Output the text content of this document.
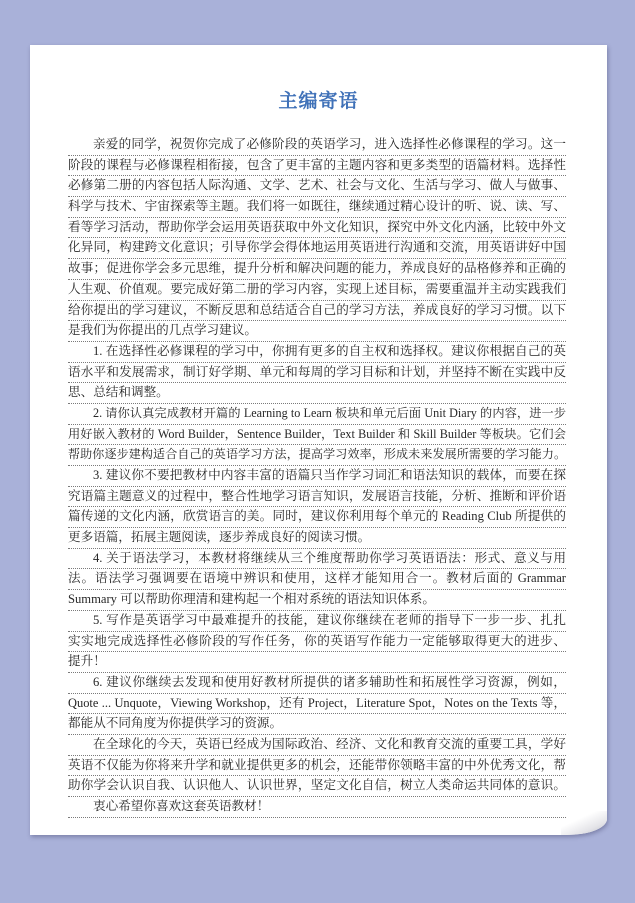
主编寄语
亲爱的同学，祝贺你完成了必修阶段的英语学习，进入选择性必修课程的学习。这一
阶段的课程与必修课程相衔接，包含了更丰富的主题内容和更多类型的语篇材料。选择性
必修第二册的内容包括人际沟通、文学、艺术、社会与文化、生活与学习、做人与做事、
科学与技术、宇宙探索等主题。我们将一如既往，继续通过精心设计的听、说、读、写、
看等学习活动，帮助你学会运用英语获取中外文化知识，探究中外文化内涵，比较中外文
化异同，构建跨文化意识；引导你学会得体地运用英语进行沟通和交流，用英语讲好中国
故事；促进你学会多元思维，提升分析和解决问题的能力，养成良好的品格修养和正确的
人生观、价值观。要完成好第二册的学习内容，实现上述目标，需要重温并主动实践我们
给你提出的学习建议，不断反思和总结适合自己的学习方法，养成良好的学习习惯。以下
是我们为你提出的几点学习建议。
1. 在选择性必修课程的学习中，你拥有更多的自主权和选择权。建议你根据自己的英
语水平和发展需求，制订好学期、单元和每周的学习目标和计划，并坚持不断在实践中反
思、总结和调整。
2. 请你认真完成教材开篇的 Learning to Learn 板块和单元后面 Unit Diary 的内容，进一步
用好嵌入教材的 Word Builder，Sentence Builder，Text Builder 和 Skill Builder 等板块。它们会
帮助你逐步建构适合自己的英语学习方法，提高学习效率，形成未来发展所需要的学习能力。
3. 建议你不要把教材中内容丰富的语篇只当作学习词汇和语法知识的载体，而要在探
究语篇主题意义的过程中，整合性地学习语言知识，发展语言技能，分析、推断和评价语
篇传递的文化内涵，欣赏语言的美。同时，建议你利用每个单元的 Reading Club 所提供的
更多语篇，拓展主题阅读，逐步养成良好的阅读习惯。
4. 关于语法学习，本教材将继续从三个维度帮助你学习英语语法：形式、意义与用
法。语法学习强调要在语境中辨识和使用，这样才能知用合一。教材后面的 Grammar
Summary 可以帮助你理清和建构起一个相对系统的语法知识体系。
5. 写作是英语学习中最难提升的技能，建议你继续在老师的指导下一步一步、扎扎
实实地完成选择性必修阶段的写作任务，你的英语写作能力一定能够取得更大的进步、
提升！
6. 建议你继续去发现和使用好教材所提供的诸多辅助性和拓展性学习资源，例如，
Quote ... Unquote，Viewing Workshop，还有 Project，Literature Spot，Notes on the Texts 等，
都能从不同角度为你提供学习的资源。
在全球化的今天，英语已经成为国际政治、经济、文化和教育交流的重要工具，学好
英语不仅能为你将来升学和就业提供更多的机会，还能带你领略丰富的中外优秀文化，帮
助你学会认识自我、认识他人、认识世界，坚定文化自信，树立人类命运共同体的意识。
衷心希望你喜欢这套英语教材！
